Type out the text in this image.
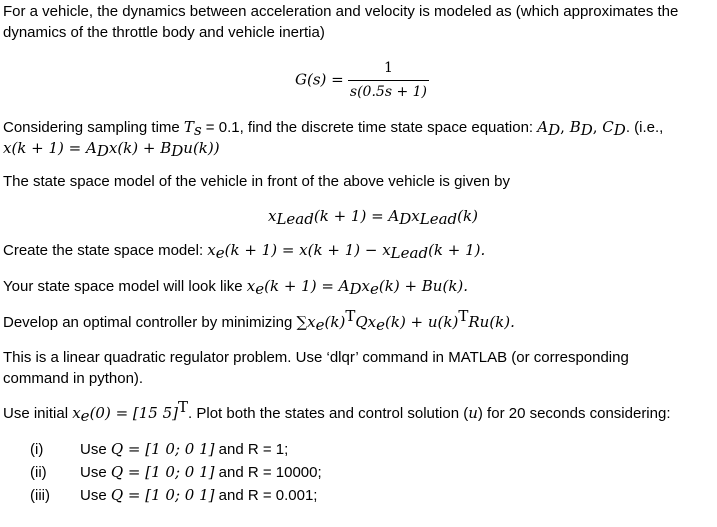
For a vehicle, the dynamics between acceleration and velocity is modeled as (which approximates the
dynamics of the throttle body and vehicle inertia)
$G(s) = \frac{1}{s(0.5s + 1)}$
Considering sampling time $T_s = 0.1$, find the discrete time state space equation: $A_D$, $B_D$, $C_D$. (i.e.,
$x(k + 1) = A_Dx(k) + B_Du(k)$)
The state space model of the vehicle in front of the above vehicle is given by
$x_{Lead}(k + 1) = A_Dx_{Lead}(k)$
Create the state space model: $x_e(k + 1) = x(k + 1) - x_{Lead}(k + 1)$.
Your state space model will look like $x_e(k + 1) = A_Dx_e(k) + Bu(k)$.
Develop an optimal controller by minimizing $\sum x_e(k)^TQx_e(k) + u(k)^TRu(k)$.
This is a linear quadratic regulator problem. Use ‘dlqr’ command in MATLAB (or corresponding
command in python).
Use initial $x_e(0) = [15$ 5]$^T$. Plot both the states and control solution (u) for 20 seconds considering:
(i) Use Q = [1 0; 0 1] and R = 1;
(ii) Use Q = [1 0; 0 1] and R = 10000;
(iii) Use Q = [1 0; 0 1] and R = 0.001;
